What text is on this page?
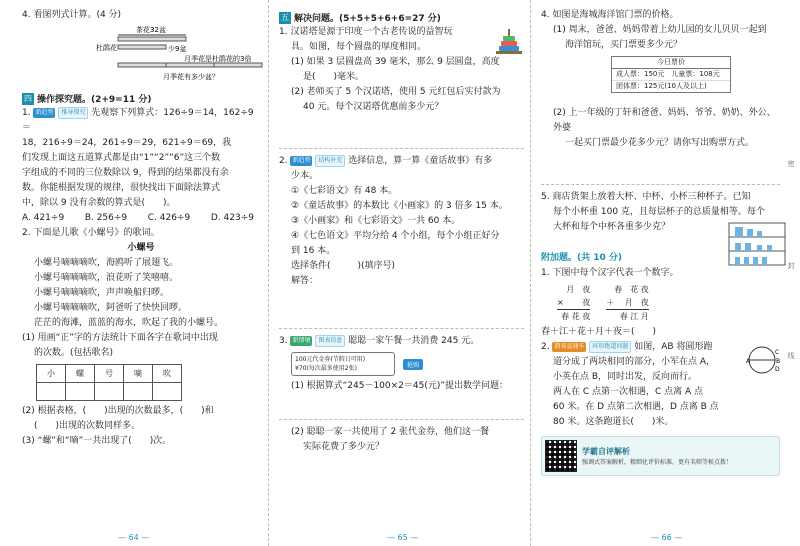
4. 看图列式计算。(4 分)

茶花32盆
杜鹃花	少9盆
月季花是杜鹃花的3倍
月季花有多少盆？
四 操作探究题。(2+9=11 分)

1. 新趋势 推导探究 先观察下列算式：126÷9＝14，162÷9＝

18，216÷9＝24，261÷9＝29，621÷9＝69，我

们发现上面这五道算式都是由“1”“2”“6”这三个数

字组成的不同的三位数除以 9，得到的结果都没有余

数。你能根据发现的规律，很快找出下面除法算式

中，除以 9 没有余数的算式是(　　)。

A. 421÷9 B. 256÷9 C. 426÷9 D. 423÷9

2. 下面是儿歌《小螺号》的歌词。

小螺号

小螺号嘀嘀嘀吹，海鸥听了展翅飞。

小螺号嘀嘀嘀吹，浪花听了笑嘻嘻。

小螺号嘀嘀嘀吹，声声唤船归啰。

小螺号嘀嘀嘀吹，阿爸听了快快回啰。

茫茫的海滩，蓝蓝的海水，吹起了我的小螺号。

(1) 用画“正”字的方法统计下面各字在歌词中出现

的次数。(包括歌名)

小	螺	号	嘀	吹

(2) 根据表格，(　　)出现的次数最多，(　　)和

(　　)出现的次数同样多。

(3) “螺”和“嘀”一共出现了(　　)次。

— 64 —
五 解决问题。(5+5+5+6+6=27 分)

1. 汉诺塔是源于印度一个古老传说的益智玩

具。如图，每个圆盘的厚度相同。

(1) 如果 3 层圆盘高 39 毫米，那么 9 层圆盘，高度

是(　　)毫米。

(2) 老师买了 5 个汉诺塔，使用 5 元红包后实付款为

40 元。每个汉诺塔优惠前多少元？

2. 新趋势 结构补充 选择信息，算一算《童话故事》有多

少本。

①《七彩语文》有 48 本。

②《童话故事》的本数比《小画家》的 3 倍多 15 本。

③《小画家》和《七彩语文》一共 60 本。

④《七色语文》平均分给 4 个小组，每个小组正好分

到 16 本。

选择条件(　　　)(填序号)

解答：

3. 新情境 图表信息 聪聪一家午餐一共消费 245 元。

100元代金券(节假日可用)
¥70(每次最多使用2张)	抢购

(1) 根据算式“245－100×2＝45(元)”提出数学问题：

(2) 聪聪一家一共使用了 2 张代金券，他们这一餐

实际花费了多少元？

— 65 —

4. 如图是海城海洋馆门票的价格。

(1) 周末，爸爸、妈妈带着上幼儿园的女儿贝贝一起到

海洋馆玩，买门票要多少元？

今日票价
成人票：150元　儿童票：108元
团体票：125元(10人及以上)

(2) 上一年级的丁轩和爸爸、妈妈、爷爷、奶奶、外公、外婆

一起买门票最少花多少元？请你写出购票方式。

5. 商店货架上放着大杯、中杯、小杯三种杯子。已知

每个小杯重 100 克，且每层杯子的总质量相等。每个

大杯和每个中杯各重多少克？

附加题。(共 10 分)

1. 下图中每个汉字代表一个数字。

月　夜
× 　　夜
春 花 夜
春　花 夜
＋ 　月　夜
春 江 月

春＋江＋花＋月＋夜＝(　　)

2. 简易直通车 环形跑道问题 如图，AB 将圆形跑

道分成了两块相同的部分，小军在点 A，

小英在点 B，同时出发，反向而行。

A	B
C
D

两人在 C 点第一次相遇，C 点离 A 点

60 米。在 D 点第二次相遇，D 点离 B 点

80 米。这条跑道长(　　)米。

学霸自评解析
强调式答案解析，精细化评价标准，更有名师等候点拨！
密
封
线
— 66 —
